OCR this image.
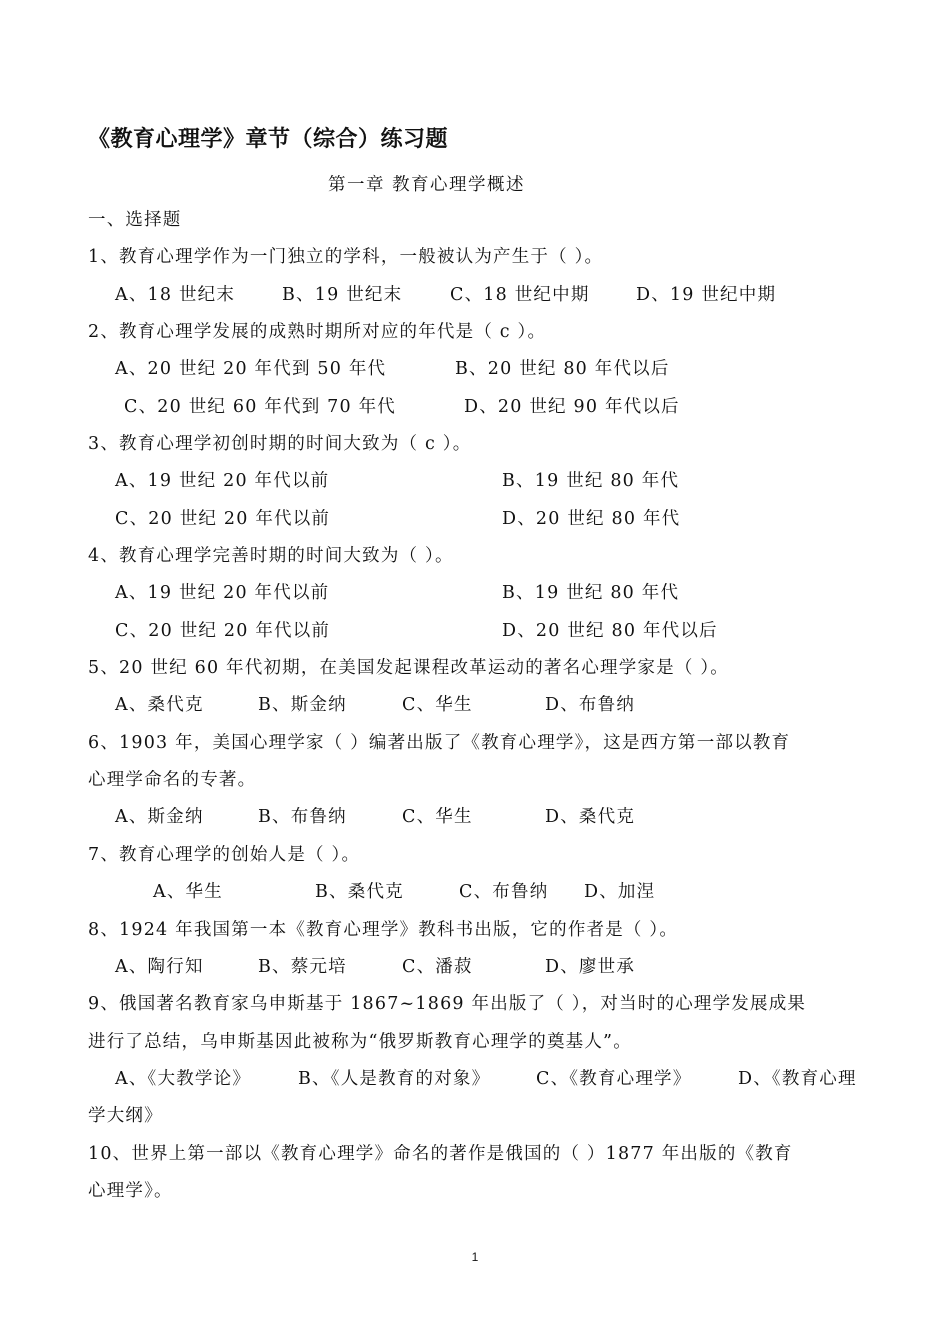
《教育心理学》章节（综合）练习题
第一章 教育心理学概述
一、选择题
1、教育心理学作为一门独立的学科，一般被认为产生于（ ）。
A、18 世纪末	B、19 世纪末	C、18 世纪中期	D、19 世纪中期
2、教育心理学发展的成熟时期所对应的年代是（ c ）。
A、20 世纪 20 年代到 50 年代	B、20 世纪 80 年代以后
C、20 世纪 60 年代到 70 年代	D、20 世纪 90 年代以后
3、教育心理学初创时期的时间大致为（ c ）。
A、19 世纪 20 年代以前	B、19 世纪 80 年代
C、20 世纪 20 年代以前	D、20 世纪 80 年代
4、教育心理学完善时期的时间大致为（ ）。
A、19 世纪 20 年代以前	B、19 世纪 80 年代
C、20 世纪 20 年代以前	D、20 世纪 80 年代以后
5、20 世纪 60 年代初期，在美国发起课程改革运动的著名心理学家是（ ）。
A、桑代克	B、斯金纳	C、华生	D、布鲁纳
6、1903 年，美国心理学家（ ）编著出版了《教育心理学》，这是西方第一部以教育
心理学命名的专著。
A、斯金纳	B、布鲁纳	C、华生	D、桑代克
7、教育心理学的创始人是（ ）。
A、华生	B、桑代克	C、布鲁纳 D、加涅
8、1924 年我国第一本《教育心理学》教科书出版，它的作者是（ ）。
A、陶行知	B、蔡元培	C、潘菽	D、廖世承
9、俄国著名教育家乌申斯基于 1867~1869 年出版了（ ），对当时的心理学发展成果
进行了总结，乌申斯基因此被称为“俄罗斯教育心理学的奠基人”。
A、《大教学论》	B、《人是教育的对象》	C、《教育心理学》	D、《教育心理
学大纲》
10、世界上第一部以《教育心理学》命名的著作是俄国的（ ）1877 年出版的《教育
心理学》。
1
